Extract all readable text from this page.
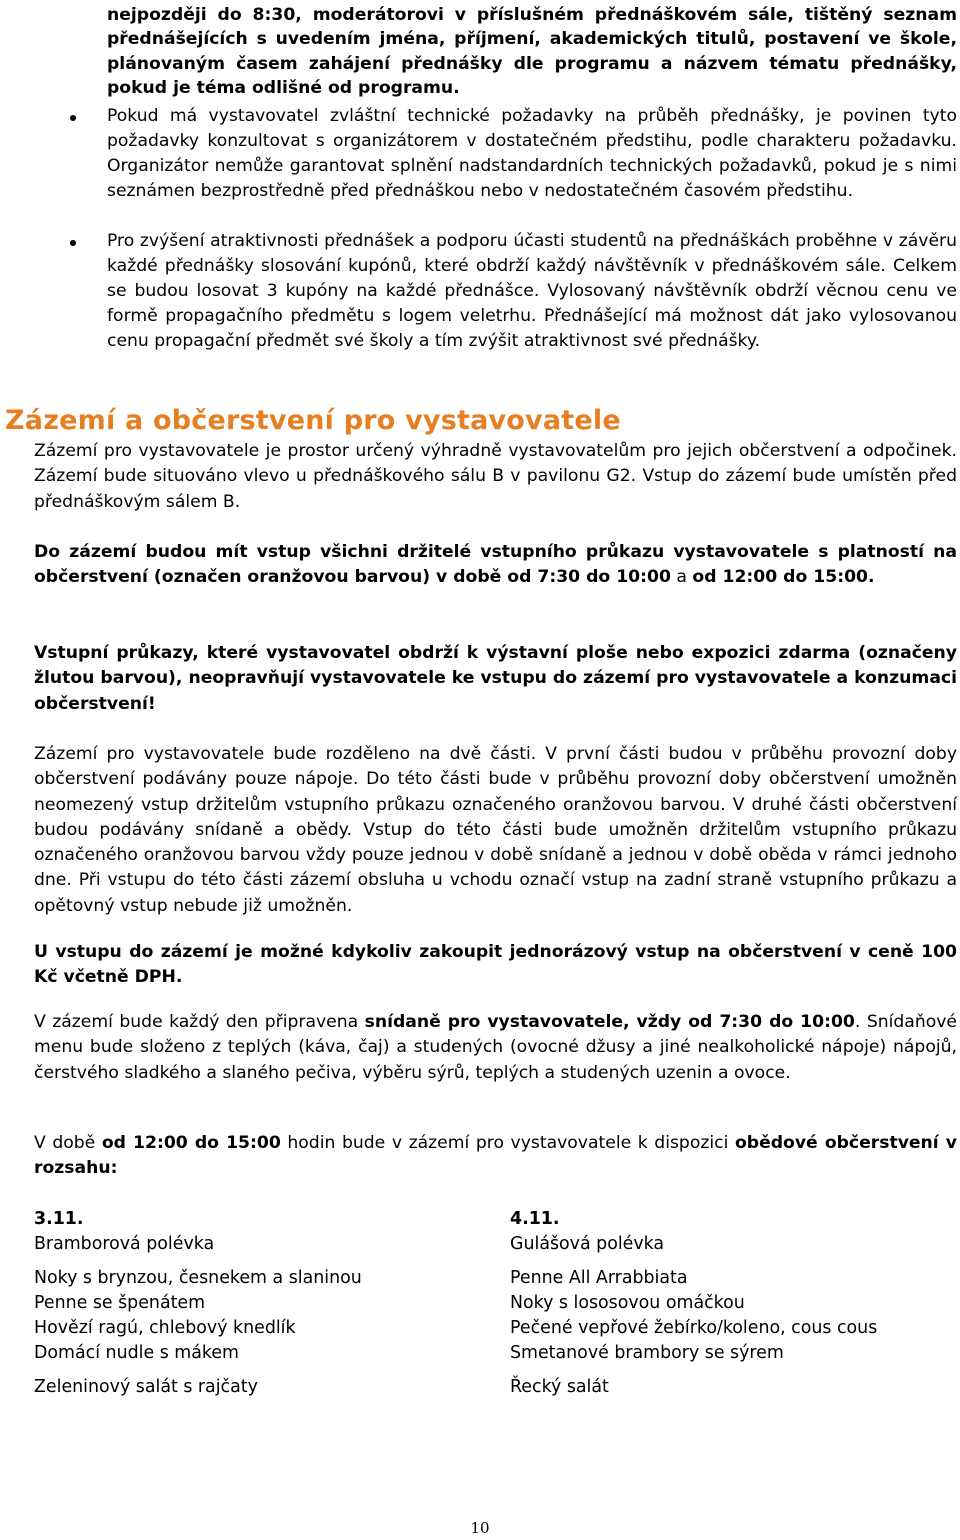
nejpozději do 8:30, moderátorovi v příslušném přednáškovém sále, tištěný seznam přednášejících s uvedením jména, příjmení, akademických titulů, postavení ve škole, plánovaným časem zahájení přednášky dle programu a názvem tématu přednášky, pokud je téma odlišné od programu.

Pokud má vystavovatel zvláštní technické požadavky na průběh přednášky, je povinen tyto požadavky konzultovat s organizátorem v dostatečném předstihu, podle charakteru požadavku. Organizátor nemůže garantovat splnění nadstandardních technických požadavků, pokud je s nimi seznámen bezprostředně před přednáškou nebo v nedostatečném časovém předstihu.

Pro zvýšení atraktivnosti přednášek a podporu účasti studentů na přednáškách proběhne v závěru každé přednášky slosování kupónů, které obdrží každý návštěvník v přednáškovém sále. Celkem se budou losovat 3 kupóny na každé přednášce. Vylosovaný návštěvník obdrží věcnou cenu ve formě propagačního předmětu s logem veletrhu. Přednášející má možnost dát jako vylosovanou cenu propagační předmět své školy a tím zvýšit atraktivnost své přednášky.

Zázemí a občerstvení pro vystavovatele

Zázemí pro vystavovatele je prostor určený výhradně vystavovatelům pro jejich občerstvení a odpočinek. Zázemí bude situováno vlevo u přednáškového sálu B v pavilonu G2. Vstup do zázemí bude umístěn před přednáškovým sálem B.

Do zázemí budou mít vstup všichni držitelé vstupního průkazu vystavovatele s platností na občerstvení (označen oranžovou barvou) v době od 7:30 do 10:00 a od 12:00 do 15:00.

Vstupní průkazy, které vystavovatel obdrží k výstavní ploše nebo expozici zdarma (označeny žlutou barvou), neopravňují vystavovatele ke vstupu do zázemí pro vystavovatele a konzumaci občerstvení!

Zázemí pro vystavovatele bude rozděleno na dvě části. V první části budou v průběhu provozní doby občerstvení podávány pouze nápoje. Do této části bude v průběhu provozní doby občerstvení umožněn neomezený vstup držitelům vstupního průkazu označeného oranžovou barvou. V druhé části občerstvení budou podávány snídaně a obědy. Vstup do této části bude umožněn držitelům vstupního průkazu označeného oranžovou barvou vždy pouze jednou v době snídaně a jednou v době oběda v rámci jednoho dne. Při vstupu do této části zázemí obsluha u vchodu označí vstup na zadní straně vstupního průkazu a opětovný vstup nebude již umožněn.

U vstupu do zázemí je možné kdykoliv zakoupit jednorázový vstup na občerstvení v ceně 100 Kč včetně DPH.

V zázemí bude každý den připravena snídaně pro vystavovatele, vždy od 7:30 do 10:00. Snídaňové menu bude složeno z teplých (káva, čaj) a studených (ovocné džusy a jiné nealkoholické nápoje) nápojů, čerstvého sladkého a slaného pečiva, výběru sýrů, teplých a studených uzenin a ovoce.

V době od 12:00 do 15:00 hodin bude v zázemí pro vystavovatele k dispozici obědové občerstvení v rozsahu:

3.11.
Bramborová polévka
Noky s brynzou, česnekem a slaninou
Penne se špenátem
Hovězí ragú, chlebový knedlík
Domácí nudle s mákem
Zeleninový salát s rajčaty
4.11.
Gulášová polévka
Penne All Arrabbiata
Noky s lososovou omáčkou
Pečené vepřové žebírko/koleno, cous cous
Smetanové brambory se sýrem
Řecký salát
10
